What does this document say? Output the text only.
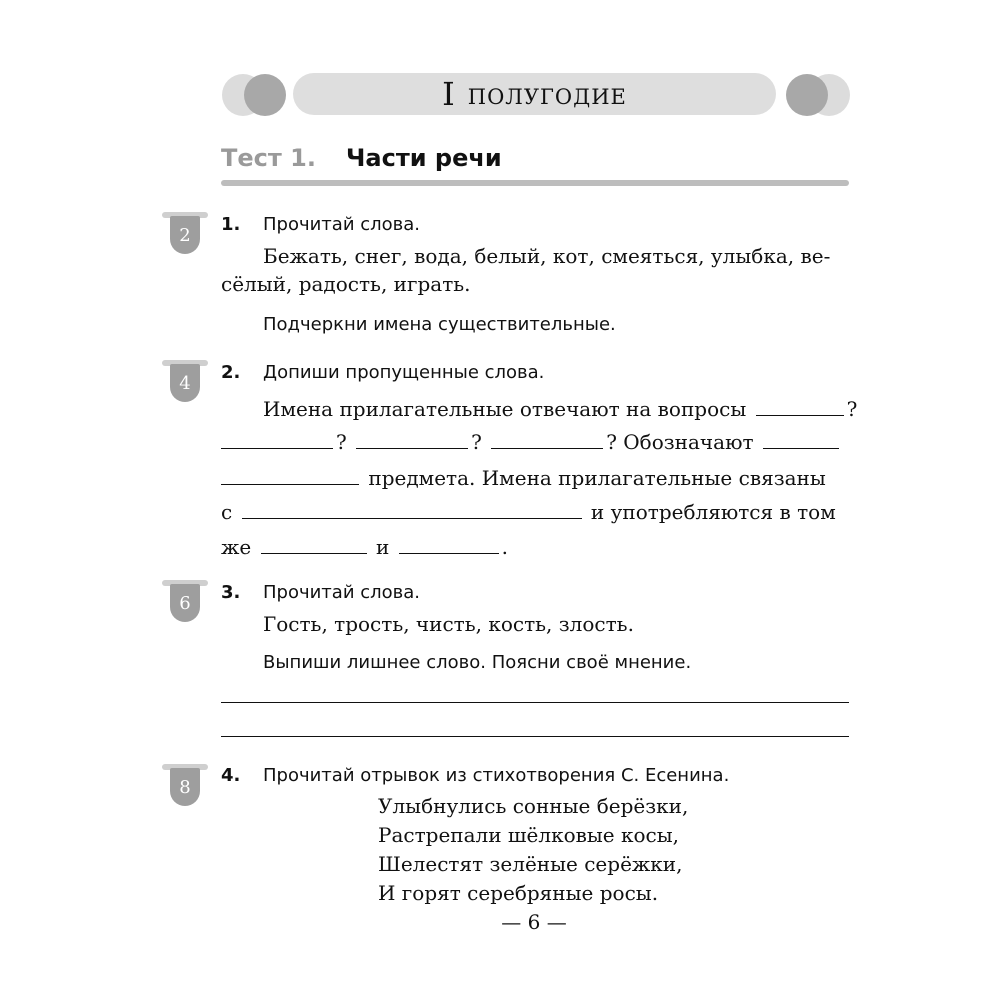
I полугодие
Тест 1. Части речи
2	1. Прочитай слова.
Бежать, снег, вода, белый, кот, смеяться, улыбка, ве-
сёлый, радость, играть.
Подчеркни имена существительные.
4	2. Допиши пропущенные слова.
Имена прилагательные отвечают на вопросы	?
?	?	? Обозначают
предмета. Имена прилагательные связаны
с	и употребляются в том
же	и	.
6	3. Прочитай слова.
Гость, трость, чисть, кость, злость.
Выпиши лишнее слово. Поясни своё мнение.
8
4. Прочитай отрывок из стихотворения С. Есенина.
Улыбнулись сонные берёзки,
Растрепали шёлковые косы,
Шелестят зелёные серёжки,
И горят серебряные росы.
— 6 —
